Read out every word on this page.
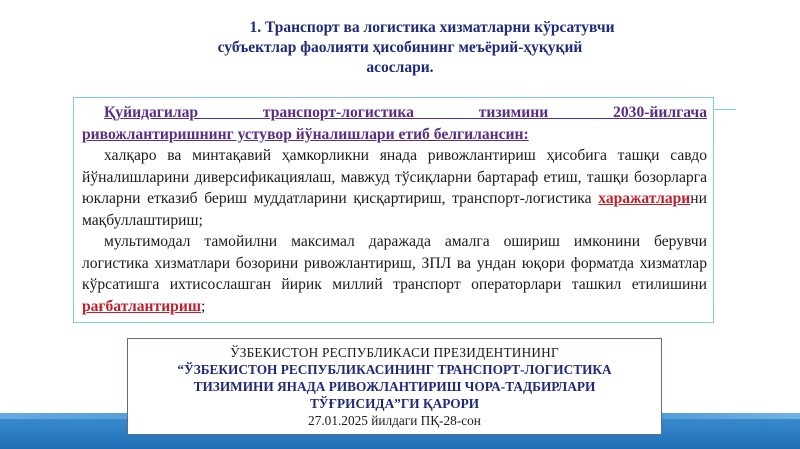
1. Транспорт ва логистика хизматларни кўрсатувчи
субъектлар фаолияти ҳисобининг меъёрий-ҳуқуқий
асослари.

Қуйидагилар транспорт-логистика тизимини 2030-йилгача

ривожлантиришнинг устувор йўналишлари етиб белгилансин:

халқаро ва минтақавий ҳамкорликни янада ривожлантириш ҳисобига ташқи савдо йўналишларини диверсификациялаш, мавжуд тўсиқларни бартараф етиш, ташқи бозорларга юкларни етказиб бериш муддатларини қисқартириш, транспорт-логистика харажатларини мақбуллаштириш;

мультимодал тамойилни максимал даражада амалга ошириш имконини берувчи логистика хизматлари бозорини ривожлантириш, ЗПЛ ва ундан юқори форматда хизматлар кўрсатишга ихтисослашган йирик миллий транспорт операторлари ташкил етилишини рағбатлантириш;

ЎЗБЕКИСТОН РЕСПУБЛИКАСИ ПРЕЗИДЕНТИНИНГ
“ЎЗБЕКИСТОН РЕСПУБЛИКАСИНИНГ ТРАНСПОРТ-ЛОГИСТИКА
ТИЗИМИНИ ЯНАДА РИВОЖЛАНТИРИШ ЧОРА-ТАДБИРЛАРИ
ТЎҒРИСИДА”ГИ ҚАРОРИ
27.01.2025 йилдаги ПҚ-28-сон
